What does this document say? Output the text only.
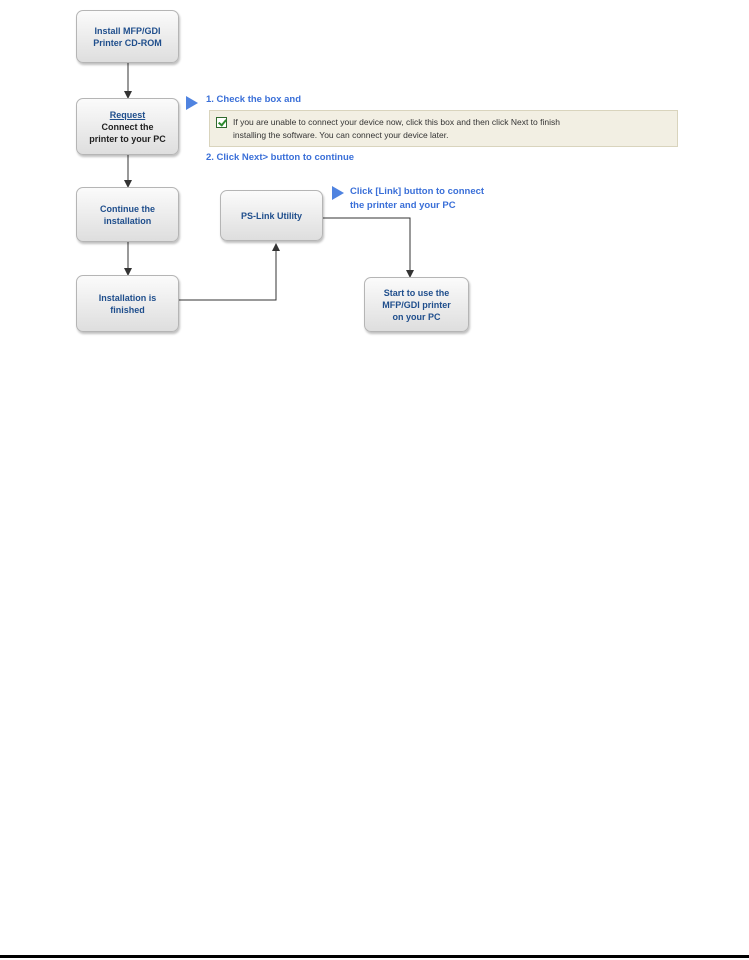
Install MFP/GDI
Printer CD-ROM
Request
Connect the
printer to your PC
Continue the
installation
Installation is
finished
PS-Link Utility
Start to use the
MFP/GDI printer
on your PC
1. Check the box and
If you are unable to connect your device now, click this box and then click Next to finish
installing the software. You can connect your device later.
2. Click Next> button to continue
Click [Link] button to connect
the printer and your PC
